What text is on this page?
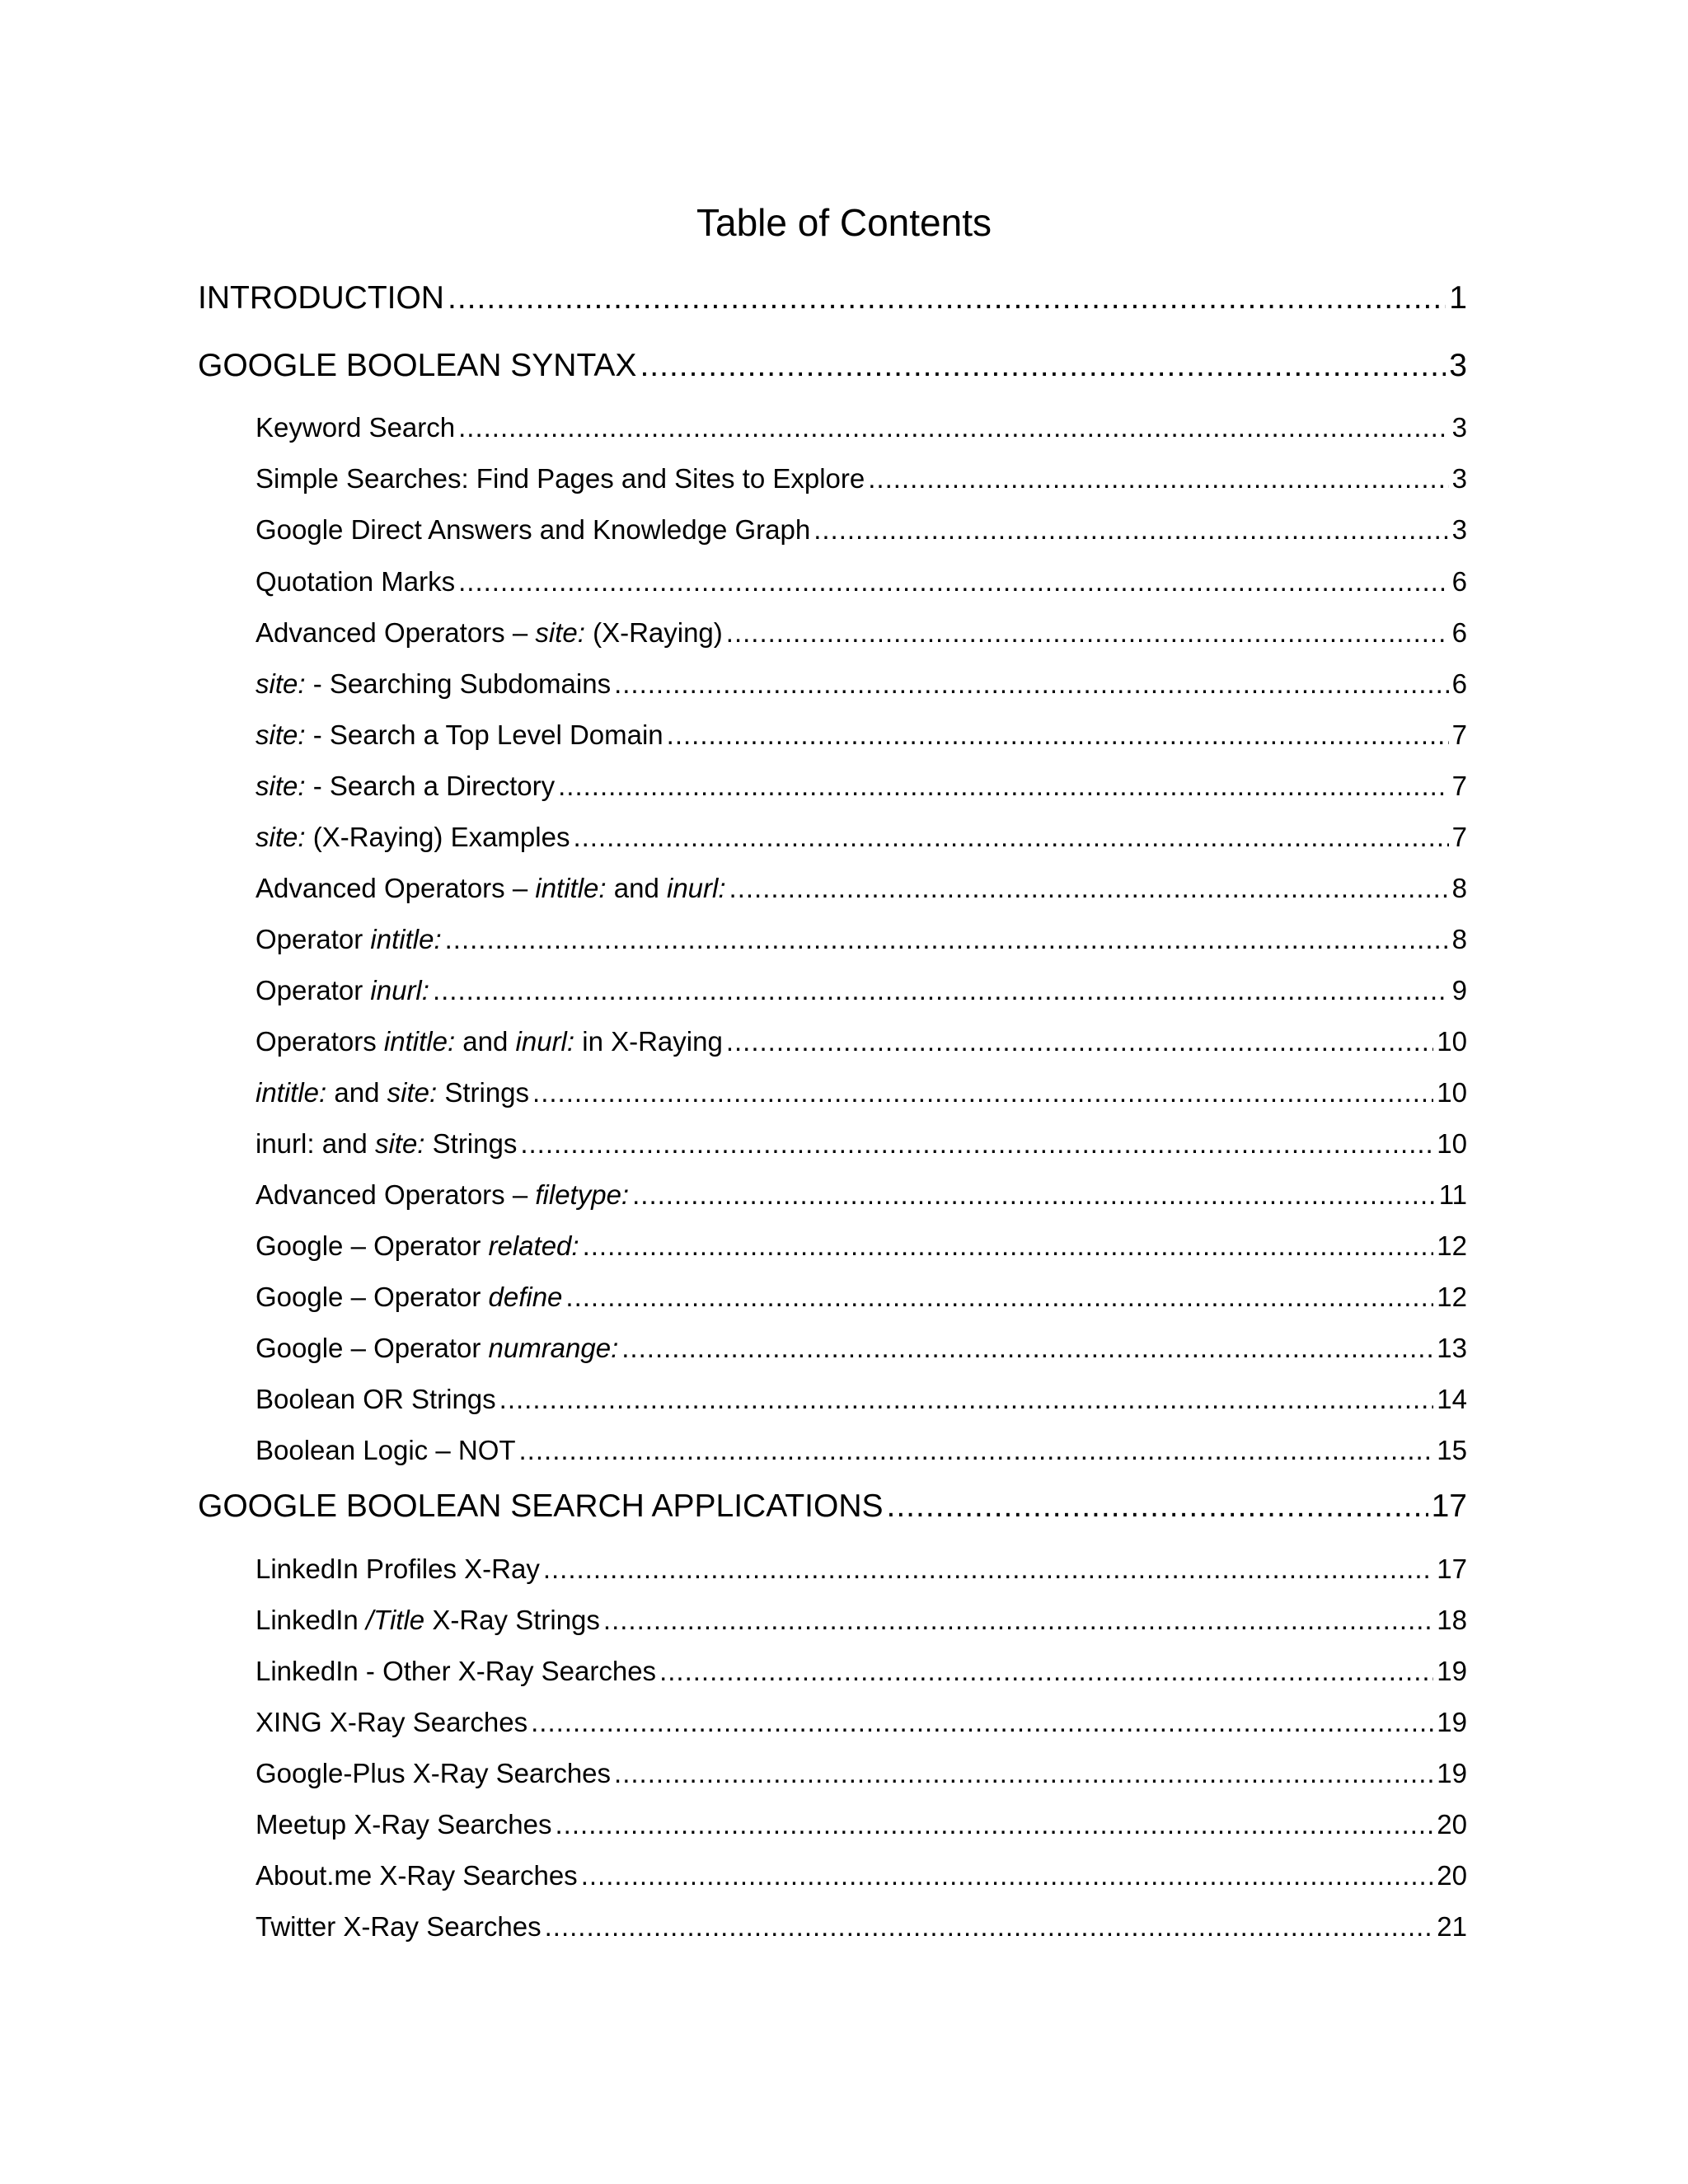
Table of Contents
INTRODUCTION .....	1
GOOGLE BOOLEAN SYNTAX .....	3
Keyword Search .....	3
Simple Searches: Find Pages and Sites to Explore .....	3
Google Direct Answers and Knowledge Graph .....	3
Quotation Marks .....	6
Advanced Operators – site: (X-Raying) .....	6
site: - Searching Subdomains .....	6
site: - Search a Top Level Domain .....	7
site: - Search a Directory .....	7
site: (X-Raying) Examples .....	7
Advanced Operators – intitle: and inurl: .....	8
Operator intitle: .....	8
Operator inurl: .....	9
Operators intitle: and inurl: in X-Raying .....	10
intitle: and site: Strings .....	10
inurl: and site: Strings .....	10
Advanced Operators – filetype: .....	11
Google – Operator related: .....	12
Google – Operator define .....	12
Google – Operator numrange: .....	13
Boolean OR Strings .....	14
Boolean Logic – NOT .....	15
GOOGLE BOOLEAN SEARCH APPLICATIONS .....	17
LinkedIn Profiles X-Ray .....	17
LinkedIn /Title X-Ray Strings .....	18
LinkedIn - Other X-Ray Searches .....	19
XING X-Ray Searches .....	19
Google-Plus X-Ray Searches .....	19
Meetup X-Ray Searches .....	20
About.me X-Ray Searches .....	20
Twitter X-Ray Searches .....	21
